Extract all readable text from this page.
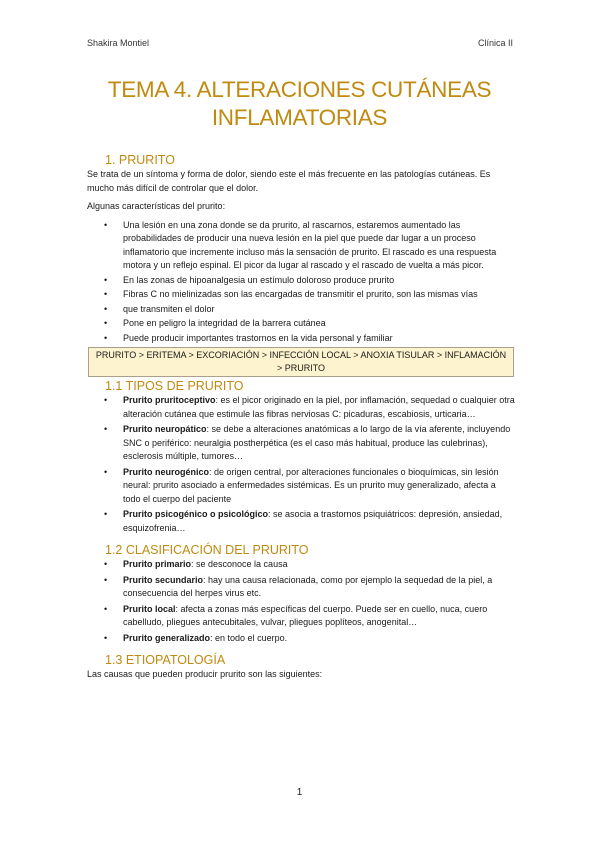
Shakira Montiel	Clínica II
TEMA 4. ALTERACIONES CUTÁNEAS
INFLAMATORIAS
1. PRURITO

Se trata de un síntoma y forma de dolor, siendo este el más frecuente en las patologías cutáneas. Es mucho más difícil de controlar que el dolor.

Algunas características del prurito:

• Una lesión en una zona donde se da prurito, al rascarnos, estaremos aumentado las probabilidades de producir una nueva lesión en la piel que puede dar lugar a un proceso inflamatorio que incremente incluso más la sensación de prurito. El rascado es una respuesta motora y un reflejo espinal. El picor da lugar al rascado y el rascado de vuelta a más picor.
• En las zonas de hipoanalgesia un estímulo doloroso produce prurito
• Fibras C no mielinizadas son las encargadas de transmitir el prurito, son las mismas vías
• que transmiten el dolor
• Pone en peligro la integridad de la barrera cutánea
• Puede producir importantes trastornos en la vida personal y familiar
PRURITO > ERITEMA > EXCORIACIÓN > INFECCIÓN LOCAL > ANOXIA TISULAR > INFLAMACIÓN > PRURITO
1.1 TIPOS DE PRURITO
• Prurito pruritoceptivo: es el picor originado en la piel, por inflamación, sequedad o cualquier otra alteración cutánea que estimule las fibras nerviosas C: picaduras, escabiosis, urticaria…
• Prurito neuropático: se debe a alteraciones anatómicas a lo largo de la vía aferente, incluyendo SNC o periférico: neuralgia postherpética (es el caso más habitual, produce las culebrinas), esclerosis múltiple, tumores…
• Prurito neurogénico: de origen central, por alteraciones funcionales o bioquímicas, sin lesión neural: prurito asociado a enfermedades sistémicas. Es un prurito muy generalizado, afecta a todo el cuerpo del paciente
• Prurito psicogénico o psicológico: se asocia a trastornos psiquiátricos: depresión, ansiedad, esquizofrenia…
1.2 CLASIFICACIÓN DEL PRURITO
• Prurito primario: se desconoce la causa
• Prurito secundario: hay una causa relacionada, como por ejemplo la sequedad de la piel, a consecuencia del herpes virus etc.
• Prurito local: afecta a zonas más específicas del cuerpo. Puede ser en cuello, nuca, cuero cabelludo, pliegues antecubitales, vulvar, pliegues poplíteos, anogenital…
• Prurito generalizado: en todo el cuerpo.
1.3 ETIOPATOLOGÍA

Las causas que pueden producir prurito son las siguientes:

1
